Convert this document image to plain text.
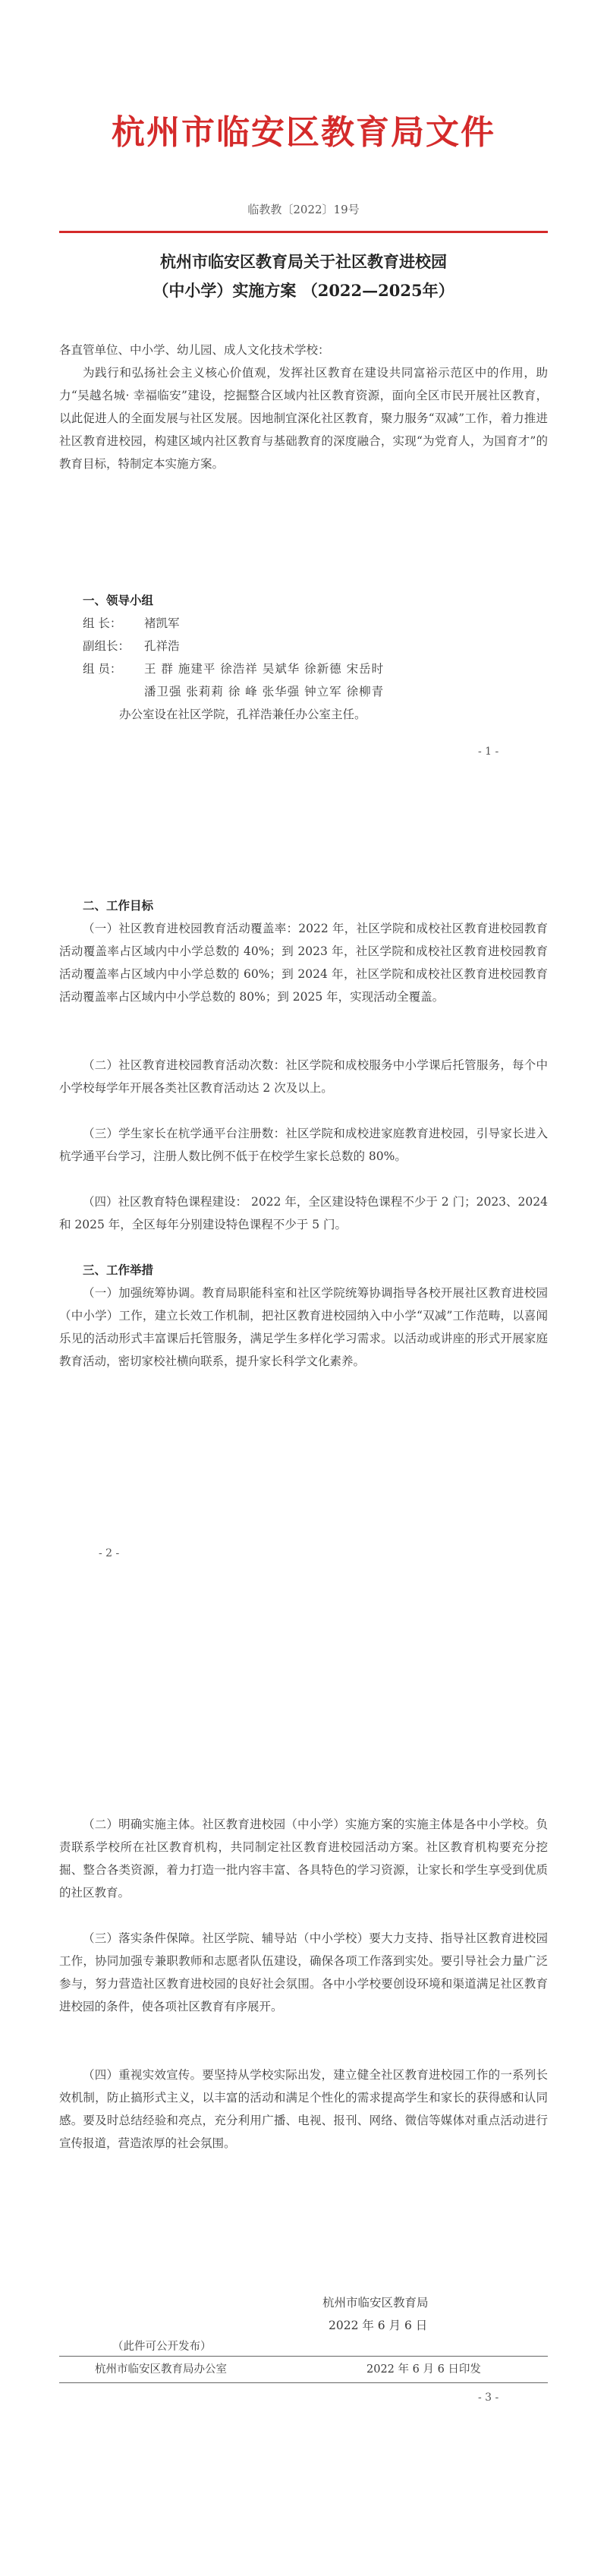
杭州市临安区教育局文件
临教教〔2022〕19号
杭州市临安区教育局关于社区教育进校园
（中小学）实施方案 （2022—2025年）
各直管单位、中小学、幼儿园、成人文化技术学校：
为践行和弘扬社会主义核心价值观，发挥社区教育在建设共同富裕示范区中的作用，助力“吴越名城· 幸福临安”建设，挖掘整合区域内社区教育资源，面向全区市民开展社区教育，以此促进人的全面发展与社区发展。因地制宜深化社区教育，聚力服务“双减”工作，着力推进社区教育进校园，构建区域内社区教育与基础教育的深度融合，实现“为党育人，为国育才”的教育目标，特制定本实施方案。
一、领导小组
组 长： 褚凯军
副组长： 孔祥浩
组 员： 王 群 施建平 徐浩祥 吴斌华 徐新德 宋岳时
潘卫强 张莉莉 徐 峰 张华强 钟立军 徐柳青
办公室设在社区学院，孔祥浩兼任办公室主任。
- 1 -
二、工作目标
（一）社区教育进校园教育活动覆盖率：2022 年，社区学院和成校社区教育进校园教育活动覆盖率占区域内中小学总数的 40%；到 2023 年，社区学院和成校社区教育进校园教育活动覆盖率占区域内中小学总数的 60%；到 2024 年，社区学院和成校社区教育进校园教育活动覆盖率占区域内中小学总数的 80%；到 2025 年，实现活动全覆盖。
（二）社区教育进校园教育活动次数：社区学院和成校服务中小学课后托管服务，每个中小学校每学年开展各类社区教育活动达 2 次及以上。
（三）学生家长在杭学通平台注册数：社区学院和成校进家庭教育进校园，引导家长进入杭学通平台学习，注册人数比例不低于在校学生家长总数的 80%。
（四）社区教育特色课程建设： 2022 年，全区建设特色课程不少于 2 门；2023、2024 和 2025 年，全区每年分别建设特色课程不少于 5 门。
三、工作举措
（一）加强统筹协调。教育局职能科室和社区学院统筹协调指导各校开展社区教育进校园（中小学）工作，建立长效工作机制，把社区教育进校园纳入中小学“双减”工作范畴，以喜闻乐见的活动形式丰富课后托管服务，满足学生多样化学习需求。以活动或讲座的形式开展家庭教育活动，密切家校社横向联系，提升家长科学文化素养。
- 2 -
（二）明确实施主体。社区教育进校园（中小学）实施方案的实施主体是各中小学校。负责联系学校所在社区教育机构，共同制定社区教育进校园活动方案。社区教育机构要充分挖掘、整合各类资源，着力打造一批内容丰富、各具特色的学习资源，让家长和学生享受到优质的社区教育。
（三）落实条件保障。社区学院、辅导站（中小学校）要大力支持、指导社区教育进校园工作，协同加强专兼职教师和志愿者队伍建设，确保各项工作落到实处。要引导社会力量广泛参与，努力营造社区教育进校园的良好社会氛围。各中小学校要创设环境和渠道满足社区教育进校园的条件，使各项社区教育有序展开。
（四）重视实效宣传。要坚持从学校实际出发，建立健全社区教育进校园工作的一系列长效机制，防止搞形式主义，以丰富的活动和满足个性化的需求提高学生和家长的获得感和认同感。要及时总结经验和亮点，充分利用广播、电视、报刊、网络、微信等媒体对重点活动进行宣传报道，营造浓厚的社会氛围。
杭州市临安区教育局
2022 年 6 月 6 日
（此件可公开发布）
杭州市临安区教育局办公室	2022 年 6 月 6 日印发
- 3 -
